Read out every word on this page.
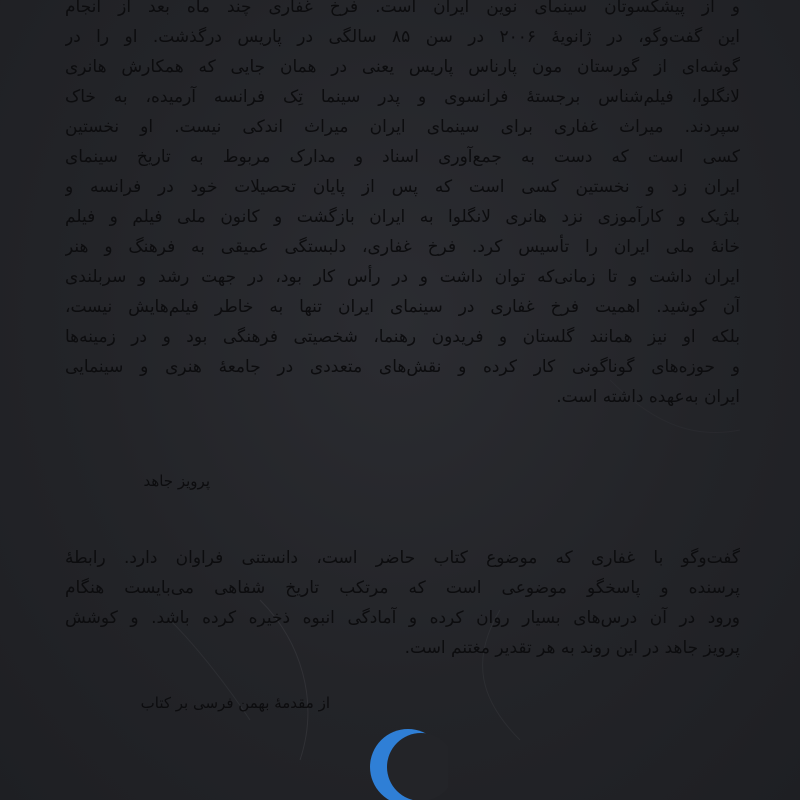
و از پیشکسوتان سینمای نوین ایران است. فرخ غفاری چند ماه بعد از انجام
این گفت‌وگو، در ژانویهٔ ۲۰۰۶ در سن ۸۵ سالگی در پاریس درگذشت. او را در
گوشه‌ای از گورستان مون پارناس پاریس یعنی در همان جایی که همکارش هانری
لانگلوا، فیلم‌شناس برجستهٔ فرانسوی و پدر سینما تِک فرانسه آرمیده، به خاک
سپردند. میراث غفاری برای سینمای ایران میراث اندکی نیست. او نخستین
کسی است که دست به جمع‌آوری اسناد و مدارک مربوط به تاریخ سینمای
ایران زد و نخستین کسی است که پس از پایان تحصیلات خود در فرانسه و
بلژیک و کارآموزی نزد هانری لانگلوا به ایران بازگشت و کانون ملی فیلم و فیلم
خانهٔ ملی ایران را تأسیس کرد. فرخ غفاری، دلبستگی عمیقی به فرهنگ و هنر
ایران داشت و تا زمانی‌که توان داشت و در رأس کار بود، در جهت رشد و سربلندی
آن کوشید. اهمیت فرخ غفاری در سینمای ایران تنها به خاطر فیلم‌هایش نیست،
بلکه او نیز همانند گلستان و فریدون رهنما، شخصیتی فرهنگی بود و در زمینه‌ها
و حوزه‌های گوناگونی کار کرده و نقش‌های متعددی در جامعهٔ هنری و سینمایی
ایران به‌عهده داشته است.
پرویز جاهد
گفت‌وگو با غفاری که موضوع کتاب حاضر است، دانستنی فراوان دارد. رابطهٔ
پرسنده و پاسخگو موضوعی است که مرتکب تاریخ شفاهی می‌بایست هنگام
ورود در آن درس‌های بسیار روان کرده و آمادگی انبوه ذخیره کرده باشد. و کوشش
پرویز جاهد در این روند به هر تقدیر مغتنم است.
از مقدمهٔ بهمن فرسی بر کتاب
